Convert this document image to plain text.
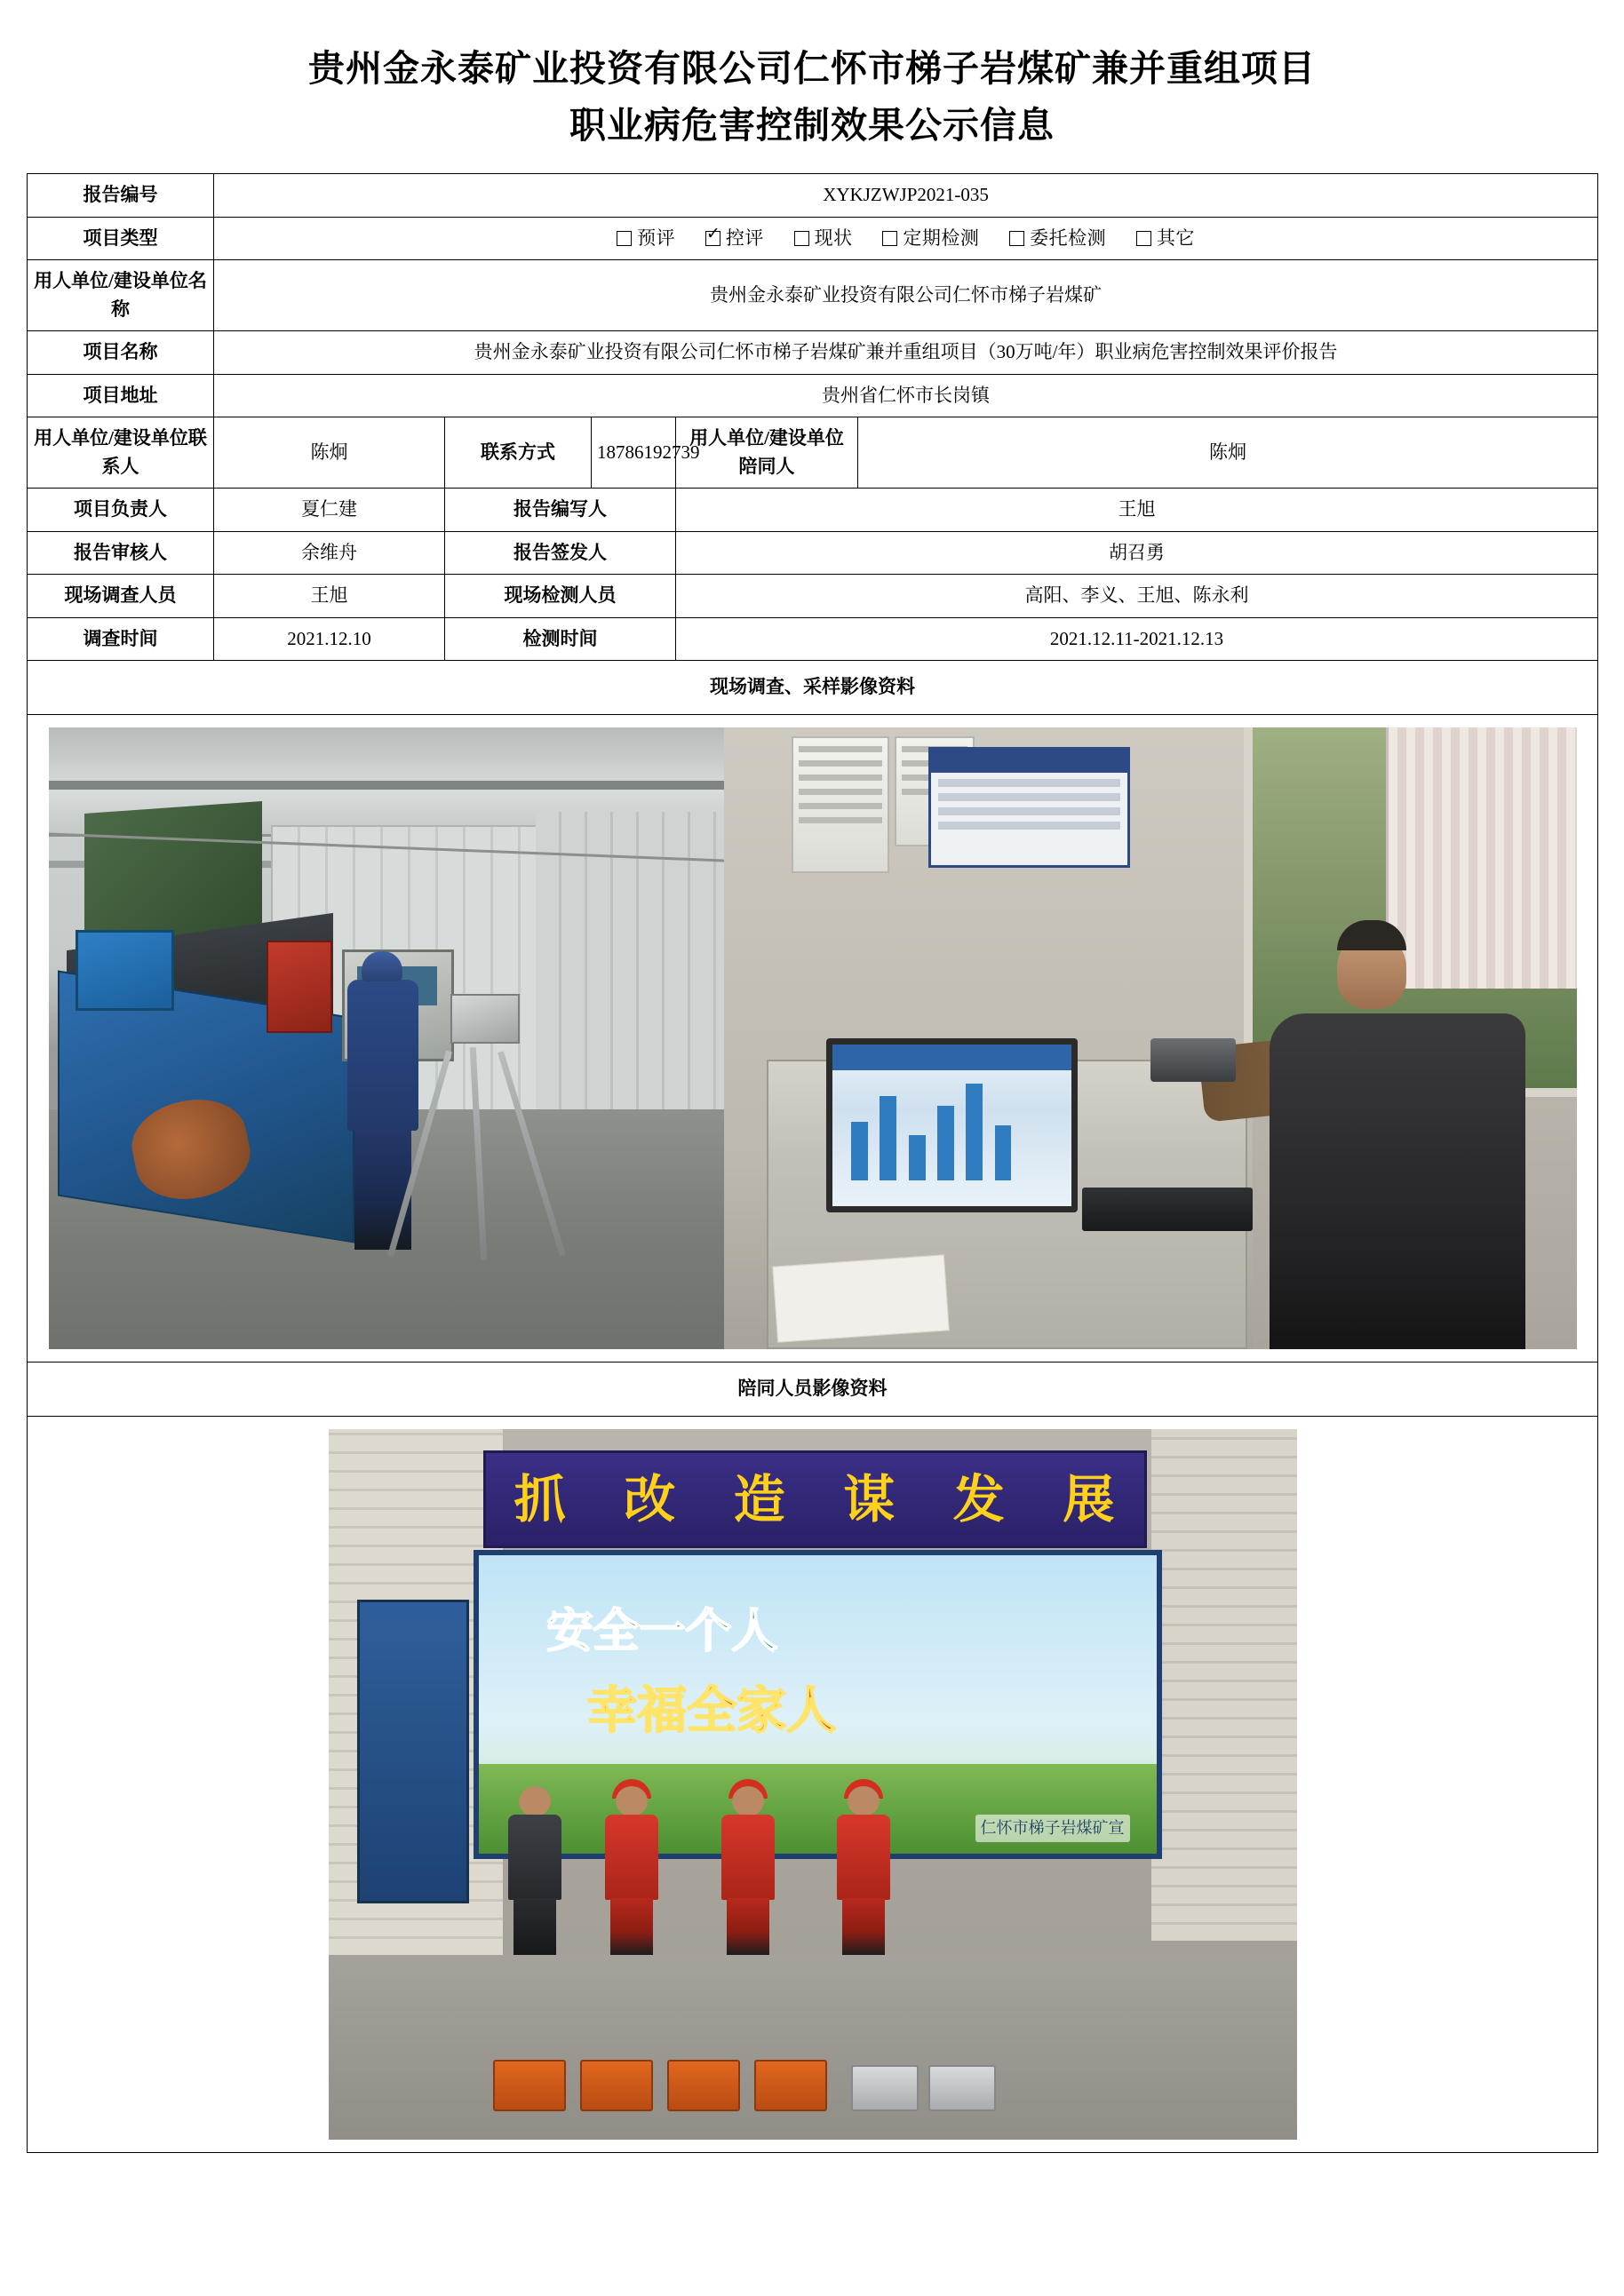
贵州金永泰矿业投资有限公司仁怀市梯子岩煤矿兼并重组项目
职业病危害控制效果公示信息
报告编号	XYKJZWJP2021-035				
项目类型	预评 ✓ 控评 现状 定期检测 委托检测 其它
用人单位/建设单位名称	贵州金永泰矿业投资有限公司仁怀市梯子岩煤矿				
项目名称	贵州金永泰矿业投资有限公司仁怀市梯子岩煤矿兼并重组项目（30万吨/年）职业病危害控制效果评价报告				
项目地址	贵州省仁怀市长岗镇				
用人单位/建设单位联系人	陈炯	联系方式	18786192739	用人单位/建设单位陪同人	陈炯
项目负责人	夏仁建	报告编写人		王旭	
报告审核人	余维舟	报告签发人		胡召勇	
现场调查人员	王旭	现场检测人员		高阳、李义、王旭、陈永利	
调查时间	2021.12.10	检测时间		2021.12.11-2021.12.13	
现场调查、采样影像资料					

陪同人员影像资料					

抓 改 造 谋 发 展
安全一个人
幸福全家人
仁怀市梯子岩煤矿宣
